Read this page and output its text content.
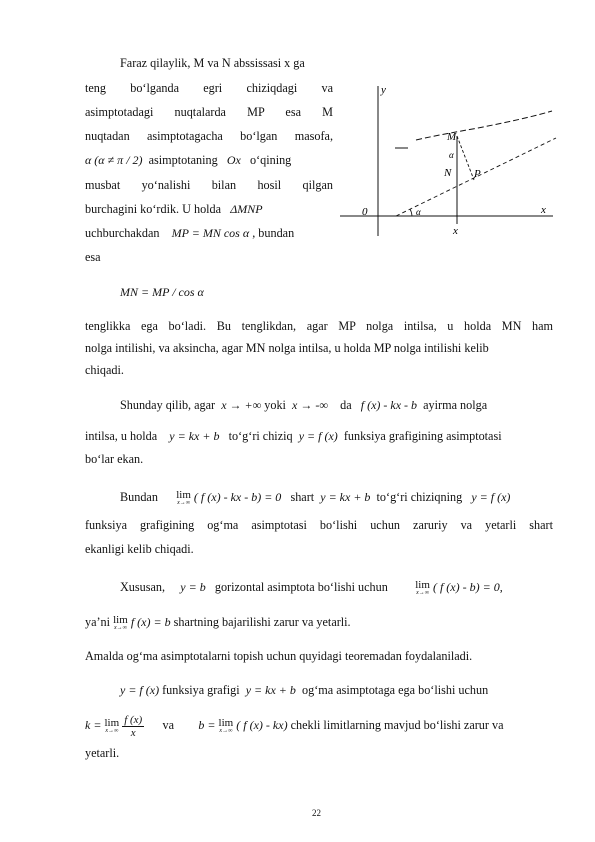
Faraz qilaylik, M va N abssissasi x ga
teng bo‘lganda egri chiziqdagi va
asimptotadagi nuqtalarda MP esa M
nuqtadan asimptotagacha bo‘lgan masofa,
α (α ≠ π / 2) asimptotaning Ox o‘qining
musbat yo‘nalishi bilan hosil qilgan
burchagini ko‘rdik. U holda ΔMNP
uchburchakdan MP = MN cos α , bundan
esa
MN = MP / cos α
y
x
0	α
α
M
N P
x
tenglikka ega bo‘ladi. Bu tenglikdan, agar MP nolga intilsa, u holda MN ham
nolga intilishi, va aksincha, agar MN nolga intilsa, u holda MP nolga intilishi kelib
chiqadi.
Shunday qilib, agar x → +∞ yoki x → -∞ da f (x) - kx - b ayirma nolga
intilsa, u holda y = kx + b to‘g‘ri chiziq y = f (x) funksiya grafigining asimptotasi
bo‘lar ekan.
Bundan lim
x→∞ ( f (x) - kx - b) = 0 shart y = kx + b to‘g‘ri chiziqning y = f (x)
funksiya grafigining og‘ma asimptotasi bo‘lishi uchun zaruriy va yetarli shart
ekanligi kelib chiqadi.
Xususan, y = b gorizontal asimptota bo‘lishi uchun lim
x→∞ ( f (x) - b) = 0,
ya’ni lim
x→∞ f (x) = b shartning bajarilishi zarur va yetarli.
Amalda og‘ma asimptotalarni topish uchun quyidagi teoremadan foydalaniladi.
y = f (x) funksiya grafigi y = kx + b og‘ma asimptotaga ega bo‘lishi uchun
k = lim
x→∞
$\frac{f (x)}{x}$ va b = lim
x→∞ ( f (x) - kx) chekli limitlarning mavjud bo‘lishi zarur va
yetarli.
22
